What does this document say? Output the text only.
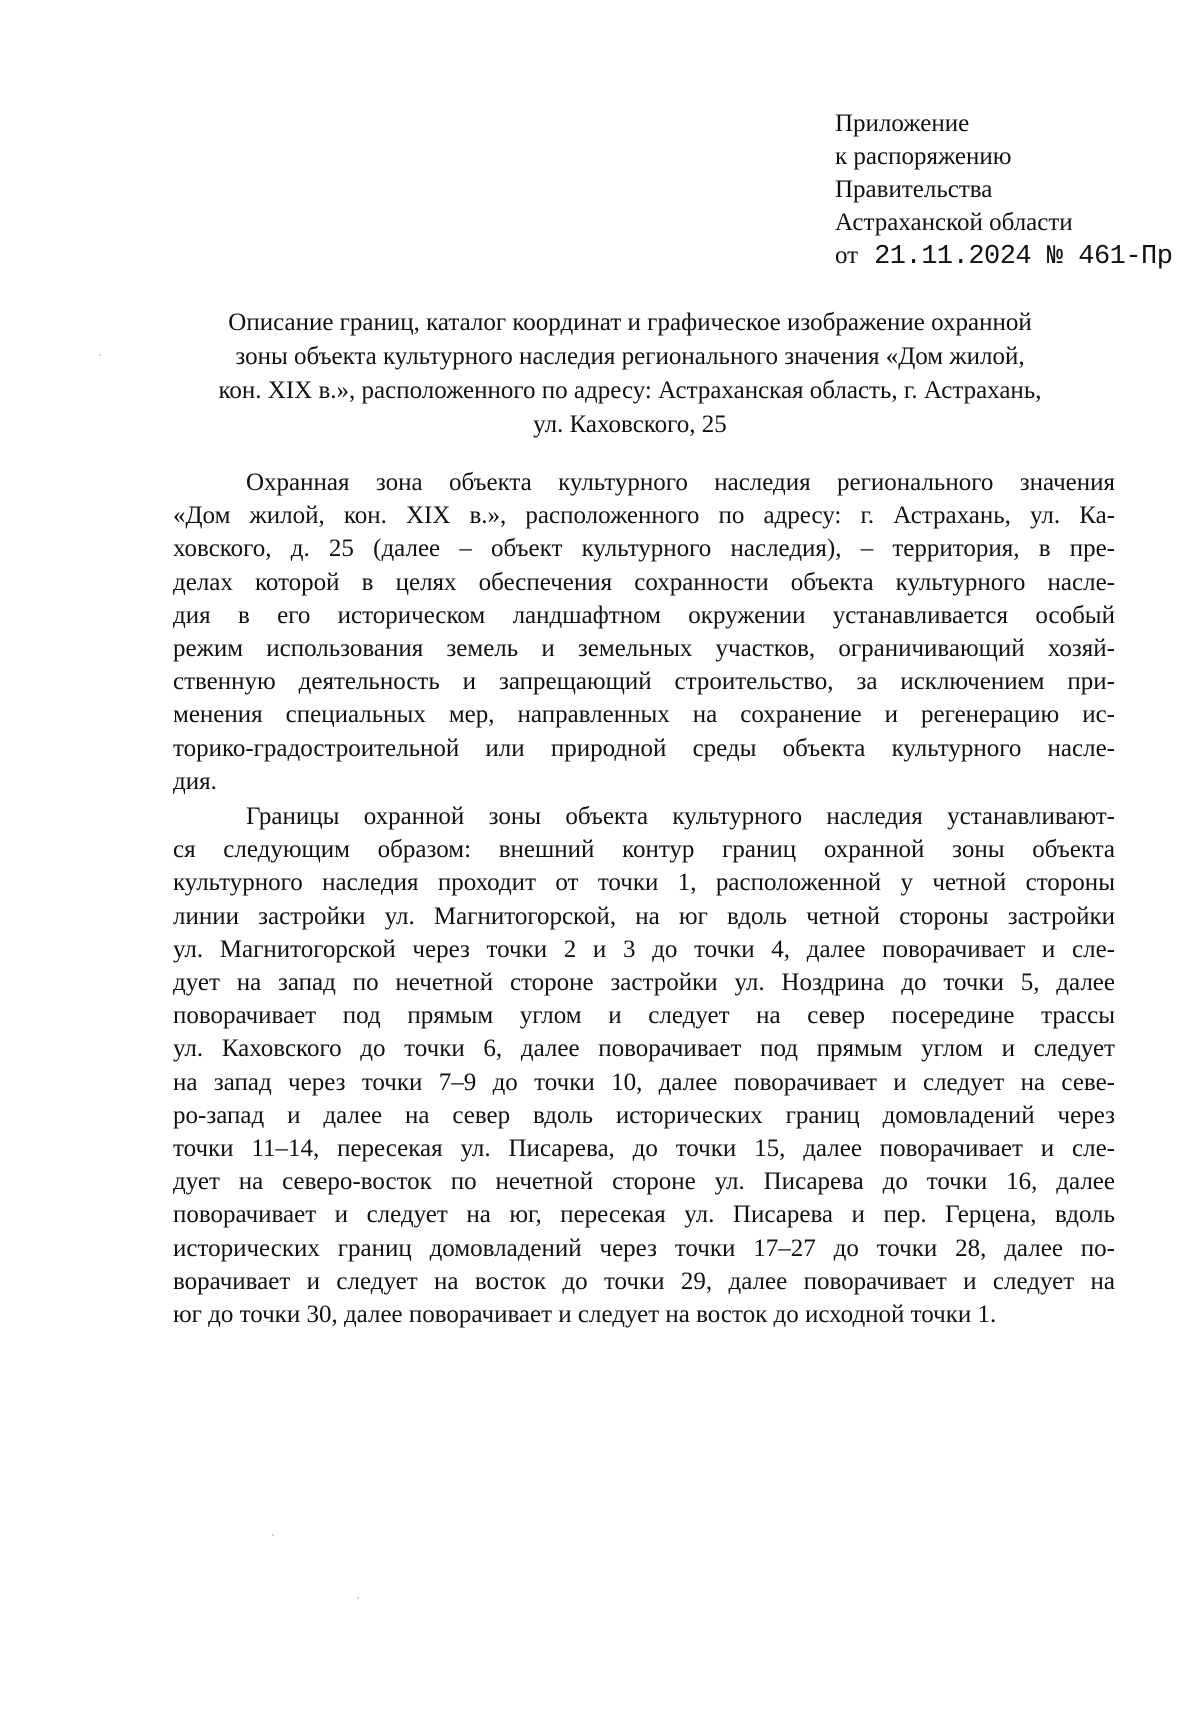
Приложение
к распоряжению
Правительства
Астраханской области
от 21.11.2024 № 461-Пр
Описание границ, каталог координат и графическое изображение охранной
зоны объекта культурного наследия регионального значения «Дом жилой,
кон. XIX в.», расположенного по адресу: Астраханская область, г. Астрахань,
ул. Каховского, 25
Охранная зона объекта культурного наследия регионального значения
«Дом жилой, кон. XIX в.», расположенного по адресу: г. Астрахань, ул. Ка-
ховского, д. 25 (далее – объект культурного наследия), – территория, в пре-
делах которой в целях обеспечения сохранности объекта культурного насле-
дия в его историческом ландшафтном окружении устанавливается особый
режим использования земель и земельных участков, ограничивающий хозяй-
ственную деятельность и запрещающий строительство, за исключением при-
менения специальных мер, направленных на сохранение и регенерацию ис-
торико-градостроительной или природной среды объекта культурного насле-
дия.
Границы охранной зоны объекта культурного наследия устанавливают-
ся следующим образом: внешний контур границ охранной зоны объекта
культурного наследия проходит от точки 1, расположенной у четной стороны
линии застройки ул. Магнитогорской, на юг вдоль четной стороны застройки
ул. Магнитогорской через точки 2 и 3 до точки 4, далее поворачивает и сле-
дует на запад по нечетной стороне застройки ул. Ноздрина до точки 5, далее
поворачивает под прямым углом и следует на север посередине трассы
ул. Каховского до точки 6, далее поворачивает под прямым углом и следует
на запад через точки 7–9 до точки 10, далее поворачивает и следует на севе-
ро-запад и далее на север вдоль исторических границ домовладений через
точки 11–14, пересекая ул. Писарева, до точки 15, далее поворачивает и сле-
дует на северо-восток по нечетной стороне ул. Писарева до точки 16, далее
поворачивает и следует на юг, пересекая ул. Писарева и пер. Герцена, вдоль
исторических границ домовладений через точки 17–27 до точки 28, далее по-
ворачивает и следует на восток до точки 29, далее поворачивает и следует на
юг до точки 30, далее поворачивает и следует на восток до исходной точки 1.
